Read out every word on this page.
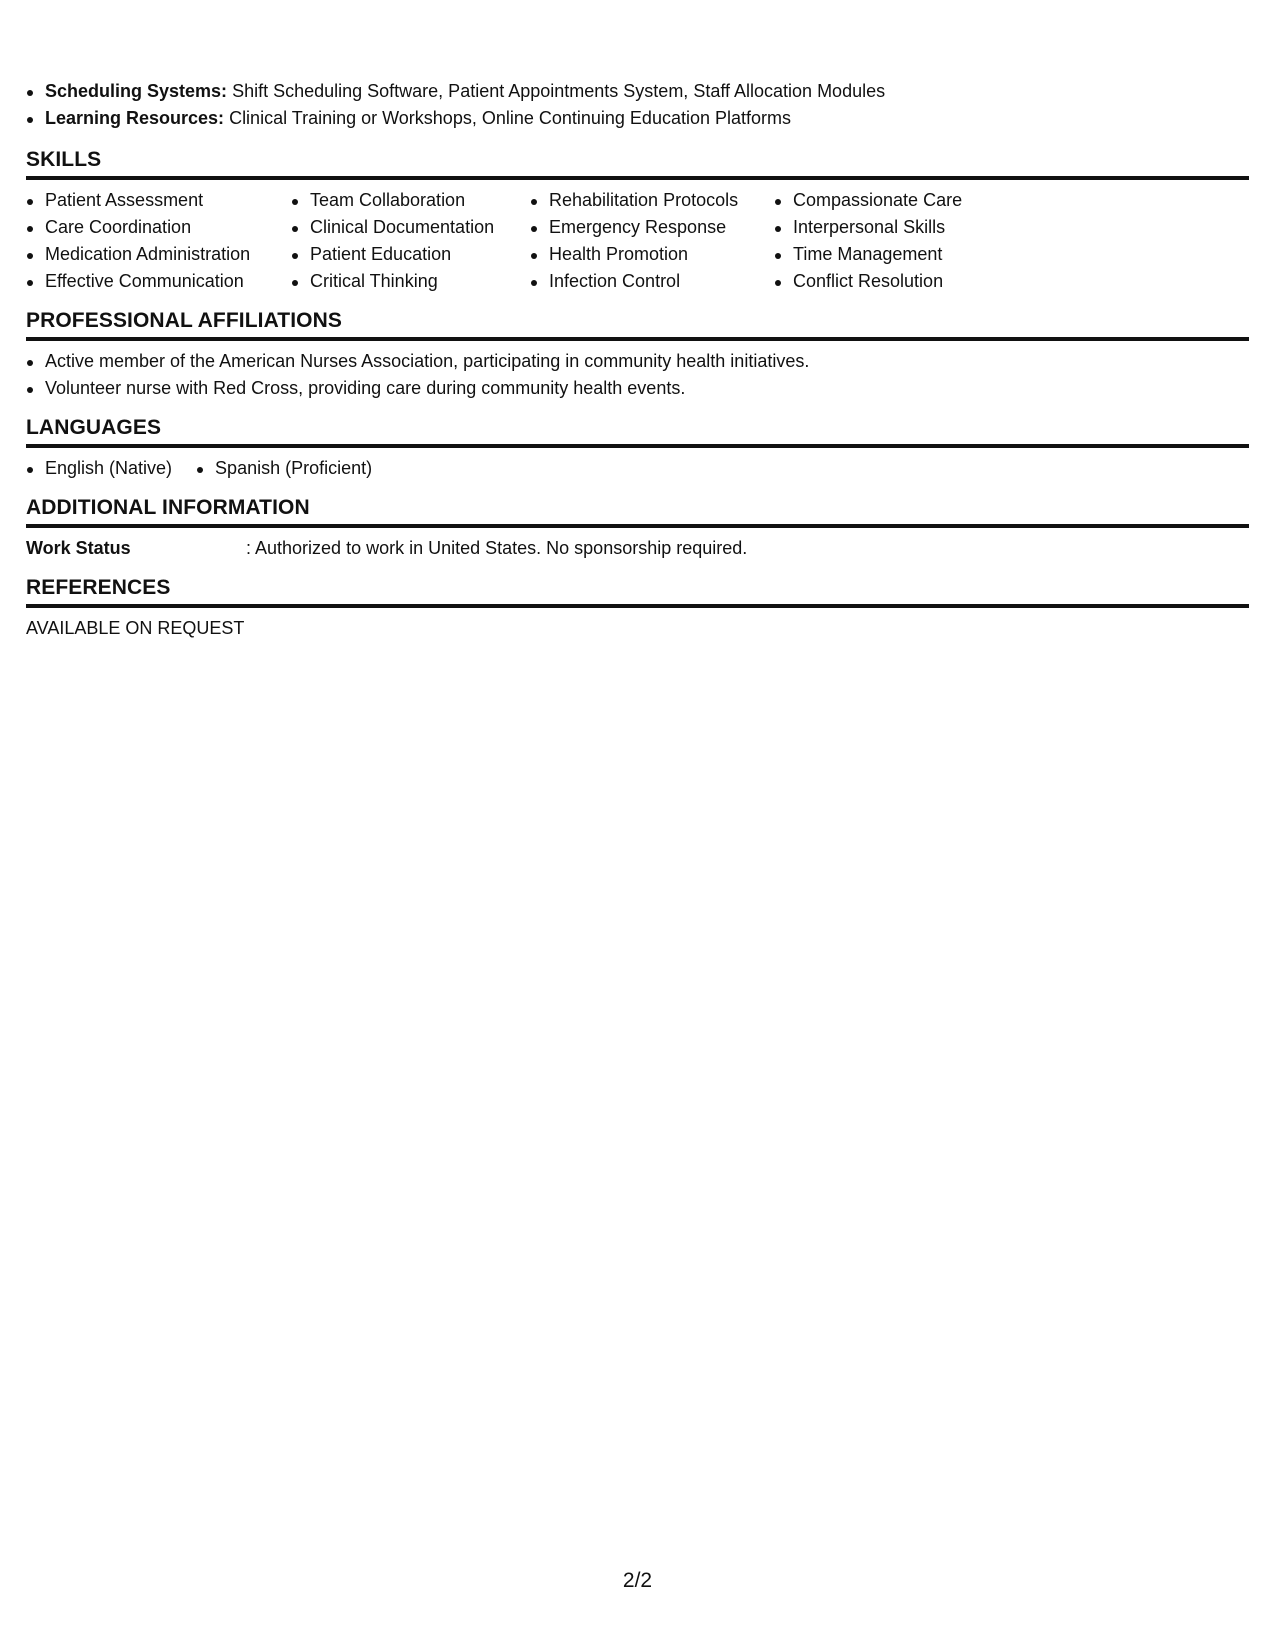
Scheduling Systems: Shift Scheduling Software, Patient Appointments System, Staff Allocation Modules
Learning Resources: Clinical Training or Workshops, Online Continuing Education Platforms
SKILLS
Patient Assessment
Care Coordination
Medication Administration
Effective Communication
Team Collaboration
Clinical Documentation
Patient Education
Critical Thinking
Rehabilitation Protocols
Emergency Response
Health Promotion
Infection Control
Compassionate Care
Interpersonal Skills
Time Management
Conflict Resolution
PROFESSIONAL AFFILIATIONS
Active member of the American Nurses Association, participating in community health initiatives.
Volunteer nurse with Red Cross, providing care during community health events.
LANGUAGES
English (Native)	Spanish (Proficient)
ADDITIONAL INFORMATION
Work Status	: Authorized to work in United States. No sponsorship required.
REFERENCES
AVAILABLE ON REQUEST
2/2
